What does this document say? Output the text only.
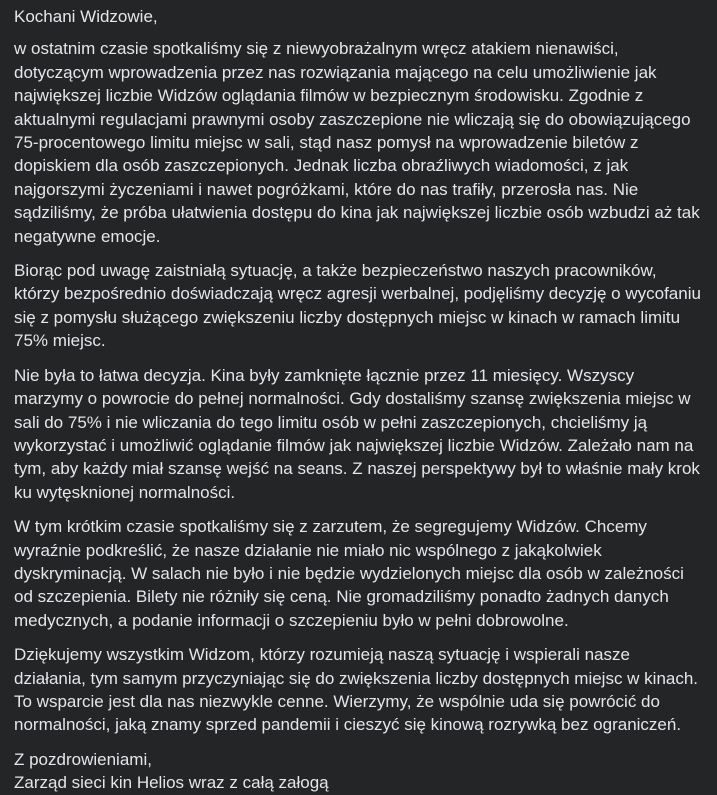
Kochani Widzowie,

w ostatnim czasie spotkaliśmy się z niewyobrażalnym wręcz atakiem nienawiści, dotyczącym wprowadzenia przez nas rozwiązania mającego na celu umożliwienie jak największej liczbie Widzów oglądania filmów w bezpiecznym środowisku. Zgodnie z aktualnymi regulacjami prawnymi osoby zaszczepione nie wliczają się do obowiązującego 75-procentowego limitu miejsc w sali, stąd nasz pomysł na wprowadzenie biletów z dopiskiem dla osób zaszczepionych. Jednak liczba obraźliwych wiadomości, z jak najgorszymi życzeniami i nawet pogróżkami, które do nas trafiły, przerosła nas. Nie sądziliśmy, że próba ułatwienia dostępu do kina jak największej liczbie osób wzbudzi aż tak negatywne emocje.

Biorąc pod uwagę zaistniałą sytuację, a także bezpieczeństwo naszych pracowników, którzy bezpośrednio doświadczają wręcz agresji werbalnej, podjęliśmy decyzję o wycofaniu się z pomysłu służącego zwiększeniu liczby dostępnych miejsc w kinach w ramach limitu 75% miejsc.

Nie była to łatwa decyzja. Kina były zamknięte łącznie przez 11 miesięcy. Wszyscy marzymy o powrocie do pełnej normalności. Gdy dostaliśmy szansę zwiększenia miejsc w sali do 75% i nie wliczania do tego limitu osób w pełni zaszczepionych, chcieliśmy ją wykorzystać i umożliwić oglądanie filmów jak największej liczbie Widzów. Zależało nam na tym, aby każdy miał szansę wejść na seans. Z naszej perspektywy był to właśnie mały krok ku wytęsknionej normalności.

W tym krótkim czasie spotkaliśmy się z zarzutem, że segregujemy Widzów. Chcemy wyraźnie podkreślić, że nasze działanie nie miało nic wspólnego z jakąkolwiek dyskryminacją. W salach nie było i nie będzie wydzielonych miejsc dla osób w zależności od szczepienia. Bilety nie różniły się ceną. Nie gromadziliśmy ponadto żadnych danych medycznych, a podanie informacji o szczepieniu było w pełni dobrowolne.

Dziękujemy wszystkim Widzom, którzy rozumieją naszą sytuację i wspierali nasze działania, tym samym przyczyniając się do zwiększenia liczby dostępnych miejsc w kinach. To wsparcie jest dla nas niezwykle cenne. Wierzymy, że wspólnie uda się powrócić do normalności, jaką znamy sprzed pandemii i cieszyć się kinową rozrywką bez ograniczeń.

Z pozdrowieniami,
Zarząd sieci kin Helios wraz z całą załogą
